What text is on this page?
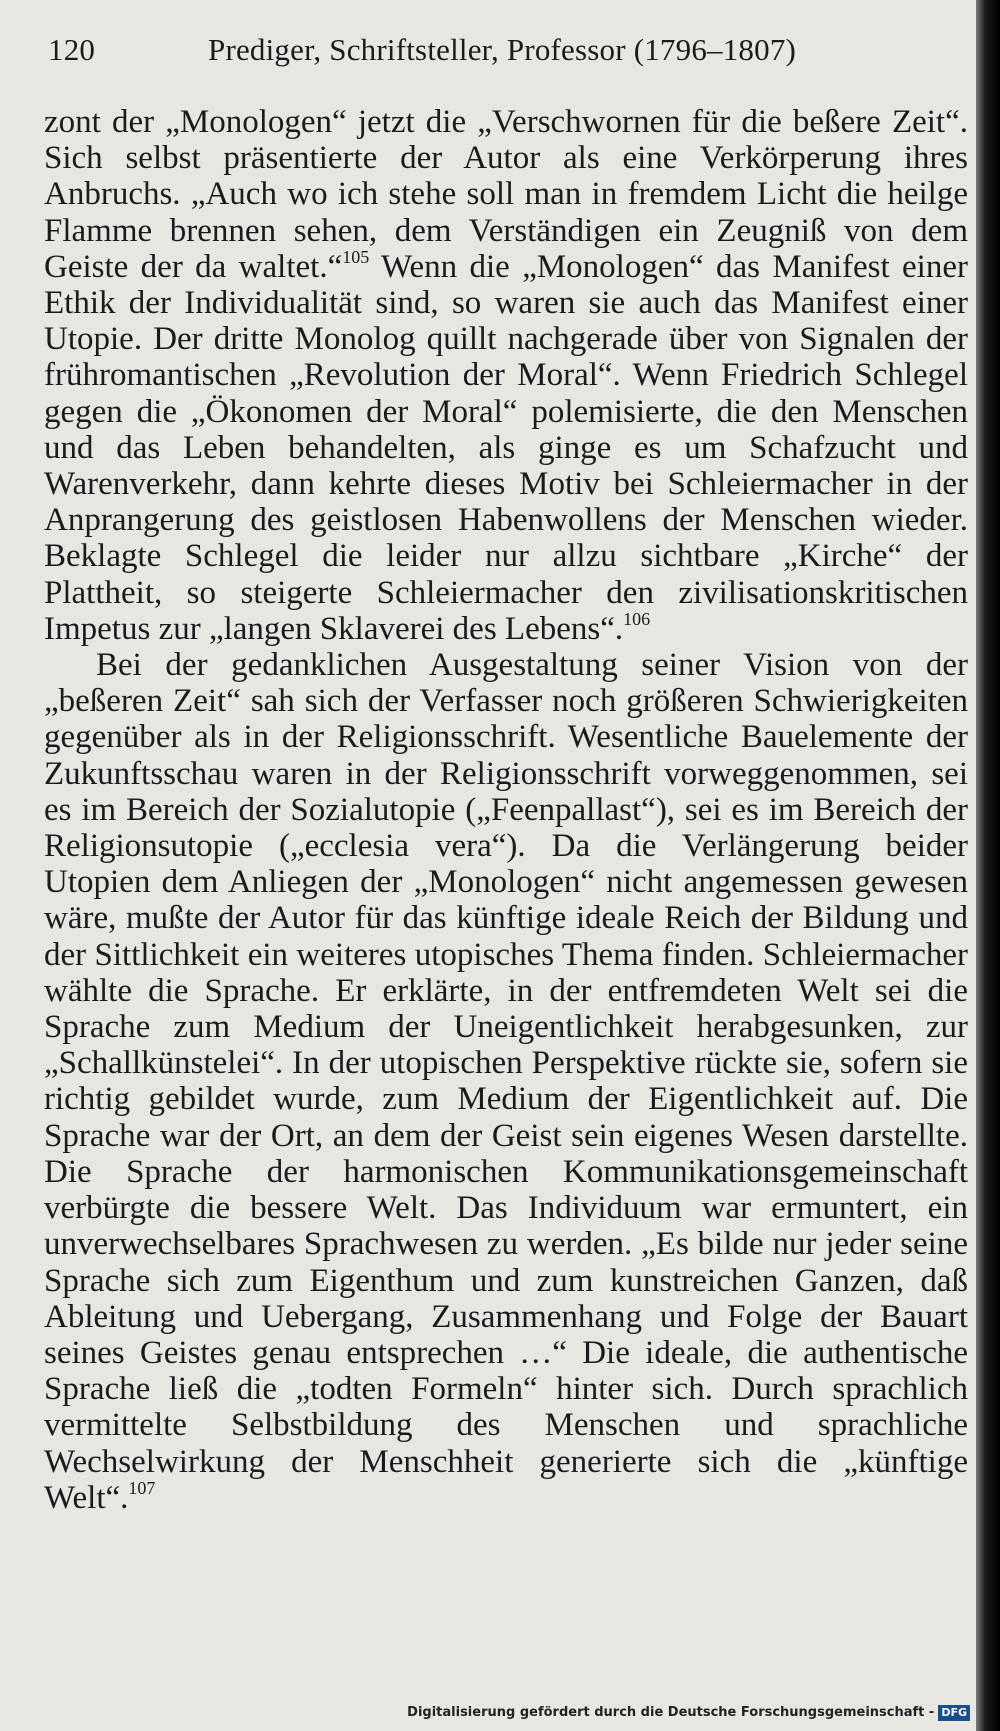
120	Prediger, Schriftsteller, Professor (1796–1807)

zont der „Monologen“ jetzt die „Verschwornen für die beßere Zeit“. Sich selbst präsentierte der Autor als eine Verkörperung ihres Anbruchs. „Auch wo ich stehe soll man in fremdem Licht die heilge Flamme brennen sehen, dem Verständigen ein Zeugniß von dem Geiste der da waltet.“$^{105}$ Wenn die „Monologen“ das Manifest einer Ethik der Individualität sind, so waren sie auch das Manifest einer Utopie. Der dritte Monolog quillt nachgerade über von Signalen der frühromantischen „Revolution der Moral“. Wenn Friedrich Schlegel gegen die „Ökonomen der Moral“ polemisierte, die den Menschen und das Leben behandelten, als ginge es um Schafzucht und Warenverkehr, dann kehrte dieses Motiv bei Schleiermacher in der Anprangerung des geistlosen Habenwollens der Menschen wieder. Beklagte Schlegel die leider nur allzu sichtbare „Kirche“ der Plattheit, so steigerte Schleiermacher den zivilisationskritischen Impetus zur „langen Sklaverei des Lebens“.$^{106}$

Bei der gedanklichen Ausgestaltung seiner Vision von der „beßeren Zeit“ sah sich der Verfasser noch größeren Schwierigkeiten gegenüber als in der Religionsschrift. Wesentliche Bauelemente der Zukunftsschau waren in der Religionsschrift vorweggenommen, sei es im Bereich der Sozialutopie („Feenpallast“), sei es im Bereich der Religionsutopie („ecclesia vera“). Da die Verlängerung beider Utopien dem Anliegen der „Monologen“ nicht angemessen gewesen wäre, mußte der Autor für das künftige ideale Reich der Bildung und der Sittlichkeit ein weiteres utopisches Thema finden. Schleiermacher wählte die Sprache. Er erklärte, in der entfremdeten Welt sei die Sprache zum Medium der Uneigentlichkeit herabgesunken, zur „Schallkünstelei“. In der utopischen Perspektive rückte sie, sofern sie richtig gebildet wurde, zum Medium der Eigentlichkeit auf. Die Sprache war der Ort, an dem der Geist sein eigenes Wesen darstellte. Die Sprache der harmonischen Kommunikationsgemeinschaft verbürgte die bessere Welt. Das Individuum war ermuntert, ein unverwechselbares Sprachwesen zu werden. „Es bilde nur jeder seine Sprache sich zum Eigenthum und zum kunstreichen Ganzen, daß Ableitung und Uebergang, Zusammenhang und Folge der Bauart seines Geistes genau entsprechen …“ Die ideale, die authentische Sprache ließ die „todten Formeln“ hinter sich. Durch sprachlich vermittelte Selbstbildung des Menschen und sprachliche Wechselwirkung der Menschheit generierte sich die „künftige Welt“.$^{107}$

Digitalisierung gefördert durch die Deutsche Forschungsgemeinschaft - DFG
